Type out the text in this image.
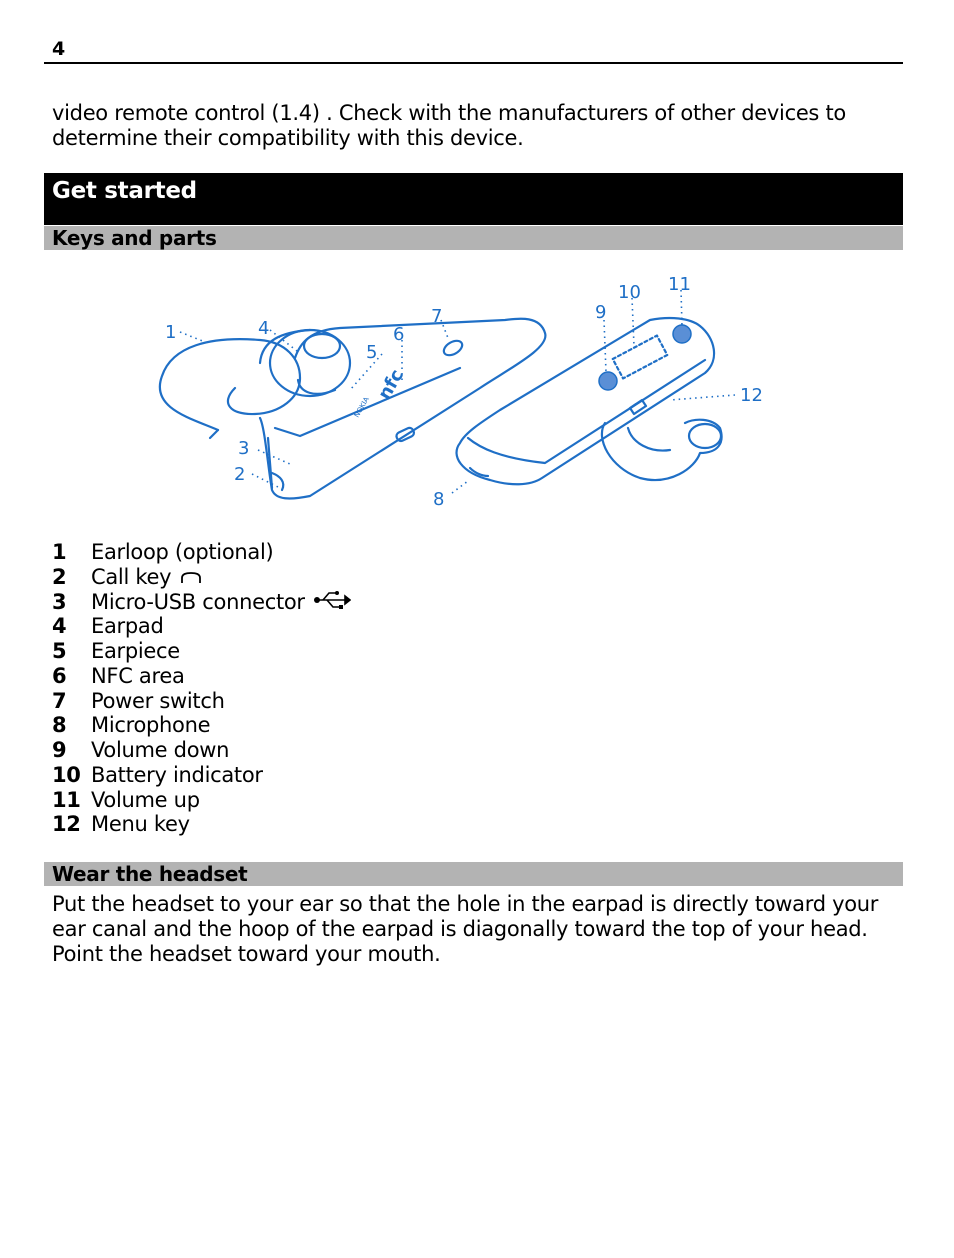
4
video remote control (1.4) . Check with the manufacturers of other devices to determine their compatibility with this device.
Get started
Keys and parts
nfc
NOKIA
1
2
3
4
5
6
7
8
9
10 11
12
1 Earloop (optional)
2 Call key
3 Micro-USB connector
4 Earpad
5 Earpiece
6 NFC area
7 Power switch
8 Microphone
9 Volume down
10 Battery indicator
11 Volume up
12 Menu key
Wear the headset
Put the headset to your ear so that the hole in the earpad is directly toward your ear canal and the hoop of the earpad is diagonally toward the top of your head. Point the headset toward your mouth.
